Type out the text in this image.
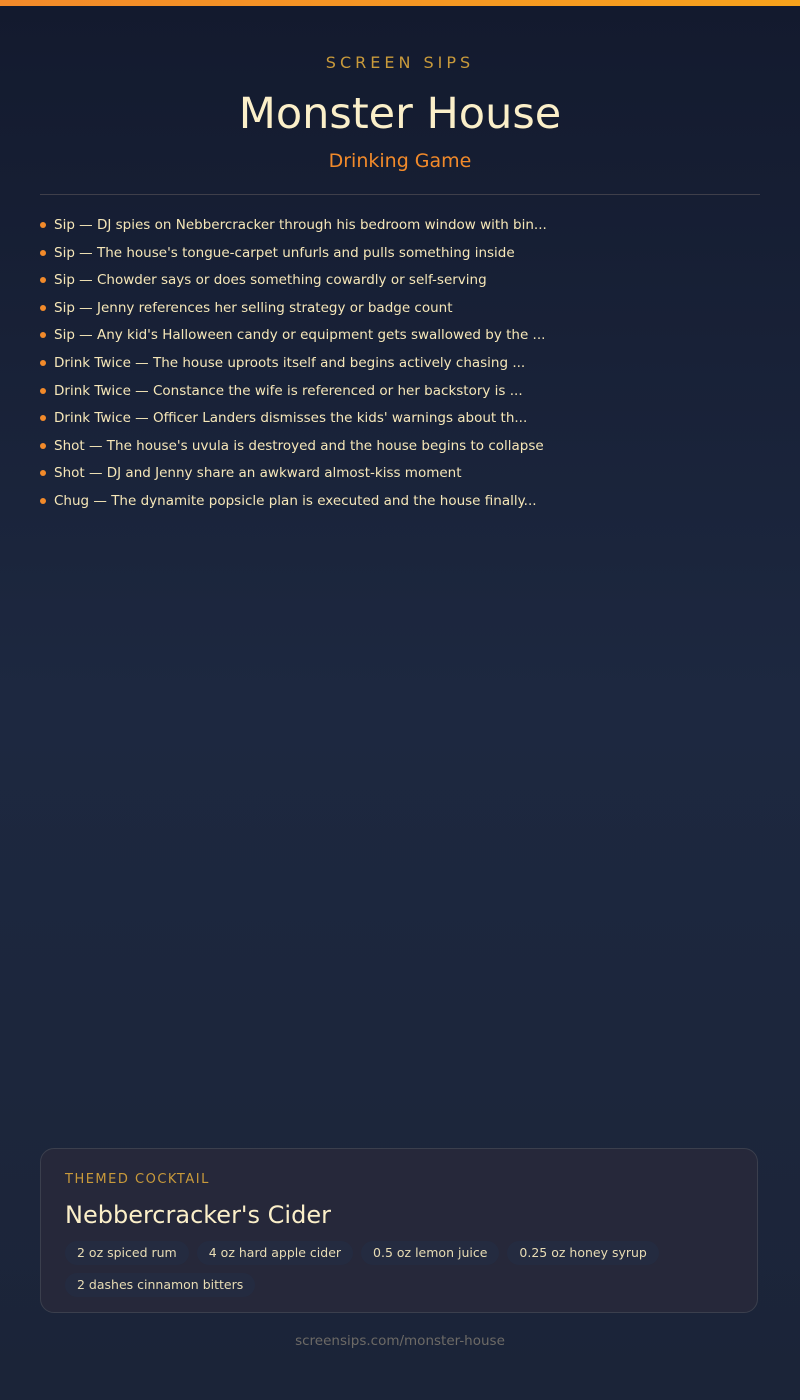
SCREEN SIPS
Monster House
Drinking Game
Sip — DJ spies on Nebbercracker through his bedroom window with bin...
Sip — The house's tongue-carpet unfurls and pulls something inside
Sip — Chowder says or does something cowardly or self-serving
Sip — Jenny references her selling strategy or badge count
Sip — Any kid's Halloween candy or equipment gets swallowed by the ...
Drink Twice — The house uproots itself and begins actively chasing ...
Drink Twice — Constance the wife is referenced or her backstory is ...
Drink Twice — Officer Landers dismisses the kids' warnings about th...
Shot — The house's uvula is destroyed and the house begins to collapse
Shot — DJ and Jenny share an awkward almost-kiss moment
Chug — The dynamite popsicle plan is executed and the house finally...
THEMED COCKTAIL
Nebbercracker's Cider
2 oz spiced rum	4 oz hard apple cider	0.5 oz lemon juice	0.25 oz honey syrup
2 dashes cinnamon bitters
screensips.com/monster-house
